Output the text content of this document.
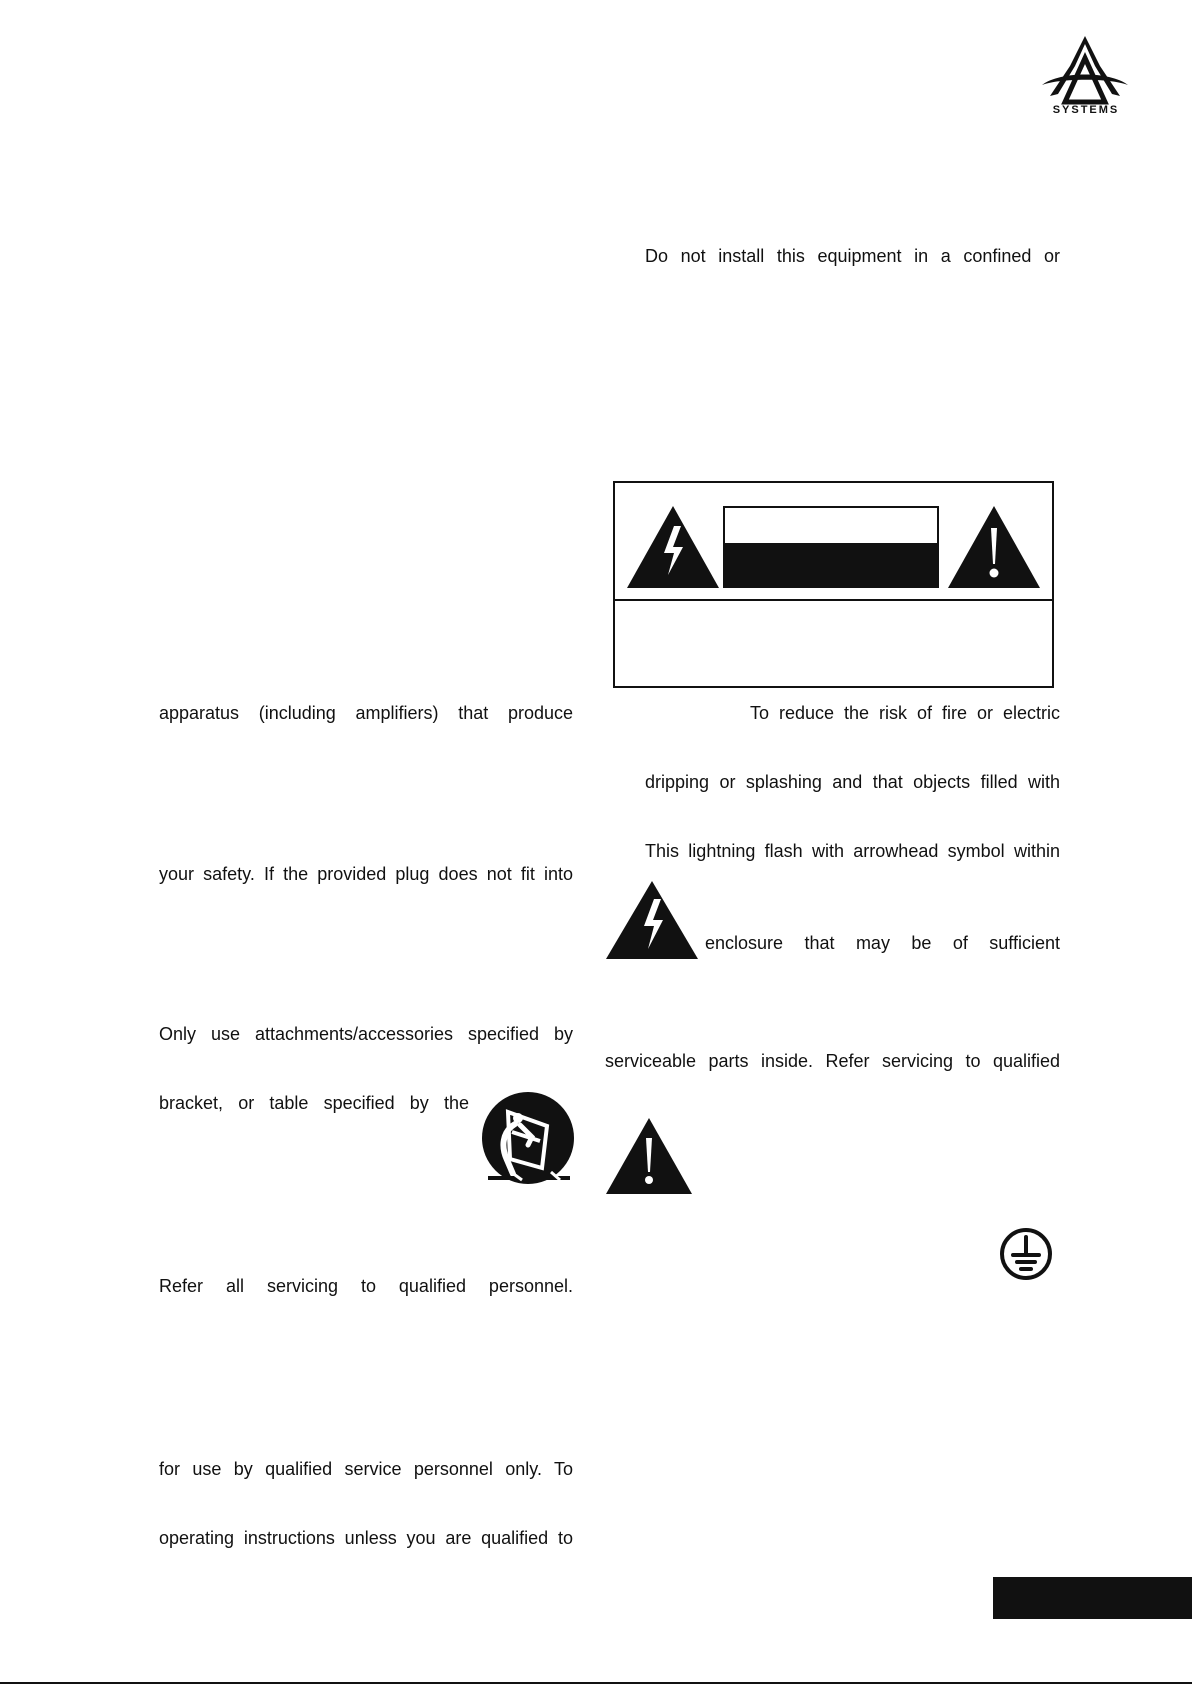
SYSTEMS
Do not install this equipment in a confined or
apparatus (including amplifiers) that produce	To reduce the risk of fire or electric
dripping or splashing and that objects filled with
This lightning flash with arrowhead symbol within
your safety. If the provided plug does not fit into
enclosure that may be of sufficient
Only use attachments/accessories specified by
serviceable parts inside. Refer servicing to qualified
bracket, or table specified by the
Refer all servicing to qualified personnel.
for use by qualified service personnel only. To
operating instructions unless you are qualified to
